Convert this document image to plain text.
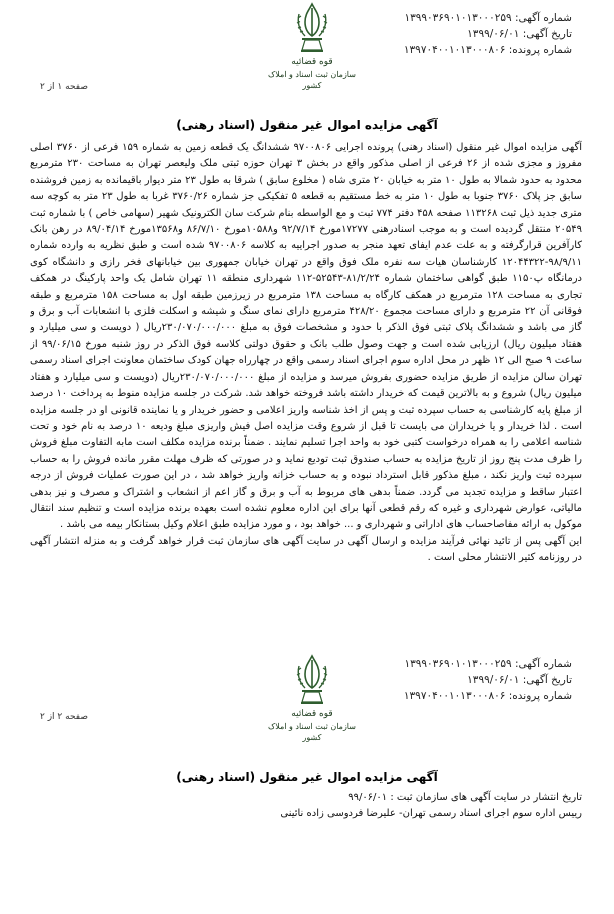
شماره آگهی: ۱۳۹۹۰۳۶۹۰۱۰۱۳۰۰۰۲۵۹
تاریخ آگهی: ۱۳۹۹/۰۶/۰۱
شماره پرونده: ۱۳۹۷۰۴۰۰۱۰۱۳۰۰۰۸۰۶
قوه قضائیه
سازمان ثبت اسناد و املاک کشور
صفحه ۱ از ۲
آگهی مزایده اموال غیر منقول (اسناد رهنی)

آگهی مزایده اموال غیر منقول (اسناد رهنی) پرونده اجرایی ۹۷۰۰۸۰۶ ششدانگ یک قطعه زمین به شماره ۱۵۹ فرعی از ۳۷۶۰ اصلی مفروز و مجزی شده از ۲۶ فرعی از اصلی مذکور واقع در بخش ۳ تهران حوزه ثبتی ملک ولیعصر تهران به مساحت ۲۳۰ مترمربع محدود به حدود شمالا به طول ۱۰ متر به خیابان ۲۰ متری شاه ( مخلوع سابق ) شرقا به طول ۲۳ متر دیوار باقیمانده به زمین فروشنده سابق جز پلاک ۳۷۶۰ جنوبا به طول ۱۰ متر به خط مستقیم به قطعه ۵ تفکیکی جز شماره ۳۷۶۰/۲۶ غربا به طول ۲۳ متر به کوچه سه متری جدید ذیل ثبت ۱۱۳۲۶۸ صفحه ۴۵۸ دفتر ۷۷۴ ثبت و مع الواسطه بنام شرکت سان الکترونیک شهیر (سهامی خاص ) با شماره ثبت ۲۰۵۴۹ منتقل گردیده است و به موجب اسنادرهنی ۱۷۲۷۷مورخ ۹۲/۷/۱۴ و۱۰۵۸۸مورخ ۸۶/۷/۱۰ و۱۳۵۶۸مورخ ۸۹/۰۴/۱۴ در رهن بانک کارآفرین قرارگرفته و به علت عدم ایفای تعهد منجر به صدور اجراییه به کلاسه ۹۷۰۰۸۰۶ شده است و طبق نظریه به وارده شماره ۹۸/۹/۱۱-۱۲۰۴۴۳۲۲ کارشناسان هیات سه نفره ملک فوق واقع در تهران خیابان جمهوری بین خیابانهای فخر رازی و دانشگاه کوی درمانگاه پ۱۱۵۰ طبق گواهی ساختمان شماره ۸۱/۲/۲۴-۵۲۵۴۳-۱۱۲ شهرداری منطقه ۱۱ تهران شامل یک واحد پارکینگ در همکف تجاری به مساحت ۱۲۸ مترمربع در همکف کارگاه به مساحت ۱۳۸ مترمربع در زیرزمین طبقه اول به مساحت ۱۵۸ مترمربع و طبقه فوقانی آن ۲۲ مترمربع و دارای مساحت مجموع ۴۲۸/۲۰ مترمربع دارای نمای سنگ و شیشه و اسکلت فلزی با انشعابات آب و برق و گاز می باشد و ششدانگ پلاک ثبتی فوق الذکر با حدود و مشخصات فوق به مبلغ ۲۳۰/۰۷۰/۰۰۰/۰۰۰ریال ( دویست و سی میلیارد و هفتاد میلیون ریال) ارزیابی شده است و جهت وصول طلب بانک و حقوق دولتی کلاسه فوق الذکر در روز شنبه مورخ ۹۹/۰۶/۱۵ از ساعت ۹ صبح الی ۱۲ ظهر در محل اداره سوم اجرای اسناد رسمی واقع در چهارراه جهان کودک ساختمان معاونت اجرای اسناد رسمی تهران سالن مزایده از طریق مزایده حضوری بفروش میرسد و مزایده از مبلغ ۲۳۰/۰۷۰/۰۰۰/۰۰۰ریال (دویست و سی میلیارد و هفتاد میلیون ریال) شروع و به بالاترین قیمت که خریدار داشته باشد فروخته خواهد شد. شرکت در جلسه مزایده منوط به پرداخت ۱۰ درصد از مبلغ پایه کارشناسی به حساب سپرده ثبت و پس از اخذ شناسه واریز اعلامی و حضور خریدار و یا نماینده قانونی او در جلسه مزایده است . لذا خریدار و یا خریداران می بایست تا قبل از شروع وقت مزایده اصل فیش واریزی مبلغ ودیعه ۱۰ درصد به نام خود و تحت شناسه اعلامی را به همراه درخواست کتبی خود به واحد اجرا تسلیم نمایند . ضمناً برنده مزایده مکلف است مابه التفاوت مبلغ فروش را ظرف مدت پنج روز از تاریخ مزایده به حساب صندوق ثبت تودیع نماید و در صورتی که ظرف مهلت مقرر مانده فروش را به حساب سپرده ثبت واریز نکند ، مبلغ مذکور قابل استرداد نبوده و به حساب خزانه واریز خواهد شد ، در این صورت عملیات فروش از درجه اعتبار ساقط و مزایده تجدید می گردد. ضمناً بدهی های مربوط به آب و برق و گاز اعم از انشعاب و اشتراک و مصرف و نیز بدهی مالیاتی، عوارض شهرداری و غیره که رقم قطعی آنها برای این اداره معلوم نشده است بعهده برنده مزایده است و تنظیم سند انتقال موکول به ارائه مفاصاحساب های اداراتی و شهرداری و ... خواهد بود ، و مورد مزایده طبق اعلام وکیل بستانکار بیمه می باشد .

این آگهی پس از تائید نهائی فرآیند مزایده و ارسال آگهی در سایت آگهی های سازمان ثبت قرار خواهد گرفت و به منزله انتشار آگهی در روزنامه کثیر الانتشار محلی است .

شماره آگهی: ۱۳۹۹۰۳۶۹۰۱۰۱۳۰۰۰۲۵۹
تاریخ آگهی: ۱۳۹۹/۰۶/۰۱
شماره پرونده: ۱۳۹۷۰۴۰۰۱۰۱۳۰۰۰۸۰۶
قوه قضائیه
سازمان ثبت اسناد و املاک کشور
صفحه ۲ از ۲
آگهی مزایده اموال غیر منقول (اسناد رهنی)

تاریخ انتشار در سایت آگهی های سازمان ثبت : ۹۹/۰۶/۰۱

رییس اداره سوم اجرای اسناد رسمی تهران- علیرضا فردوسی زاده نائینی
